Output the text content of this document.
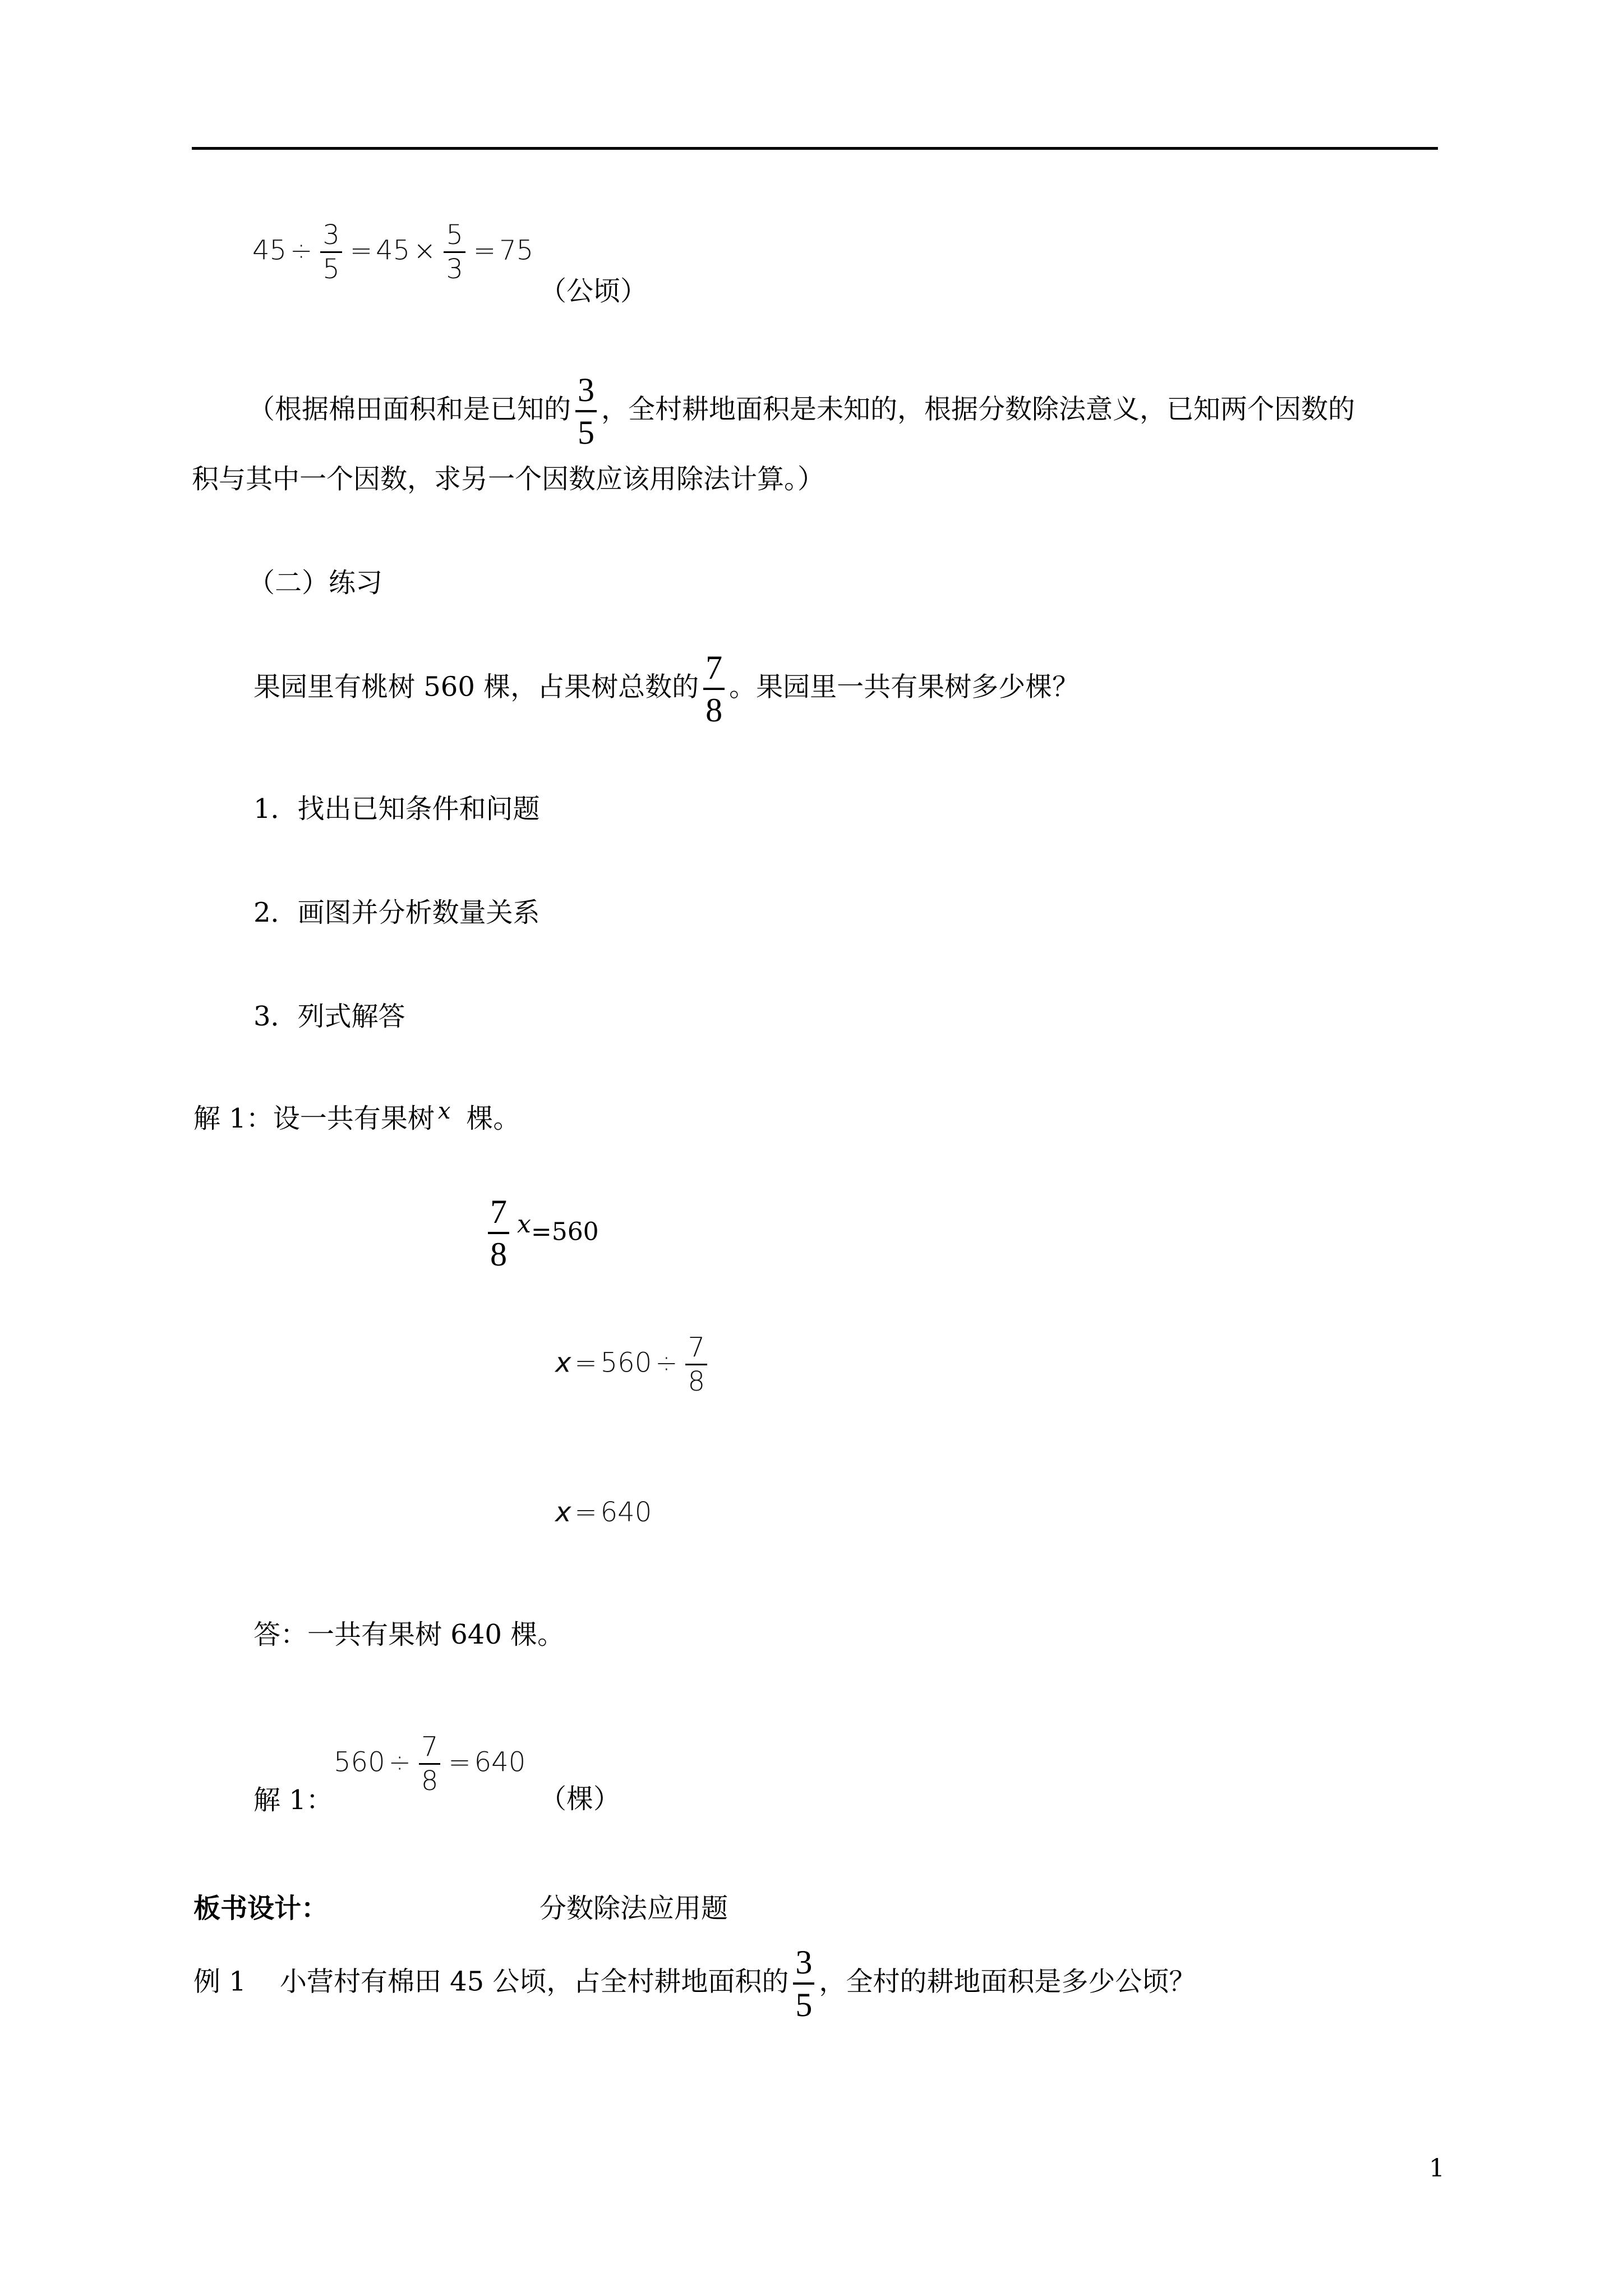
$45 \div \frac{3}{5} = 45 \times \frac{5}{3} = 75$
（公顷）
（根据棉田面积和是已知的 $\frac{3}{5}$ ，全村耕地面积是未知的，根据分数除法意义，已知两个因数的
积与其中一个因数，求另一个因数应该用除法计算。）
（二）练习
果园里有桃树 560 棵，占果树总数的 $\frac{7}{8}$ 。果园里一共有果树多少棵？
1．找出已知条件和问题
2．画图并分析数量关系
3．列式解答
解 1：设一共有果树 $^x$ 棵。
$\frac{7}{8} x=560$
$x = 560 \div \frac{7}{8}$
x = 640
答：一共有果树 640 棵。
$560 \div \frac{7}{8} = 640$
解 1：	（棵）
板书设计：	分数除法应用题
例 1 小营村有棉田 45 公顷，占全村耕地面积的 $\frac{3}{5}$ ，全村的耕地面积是多少公顷？
1
